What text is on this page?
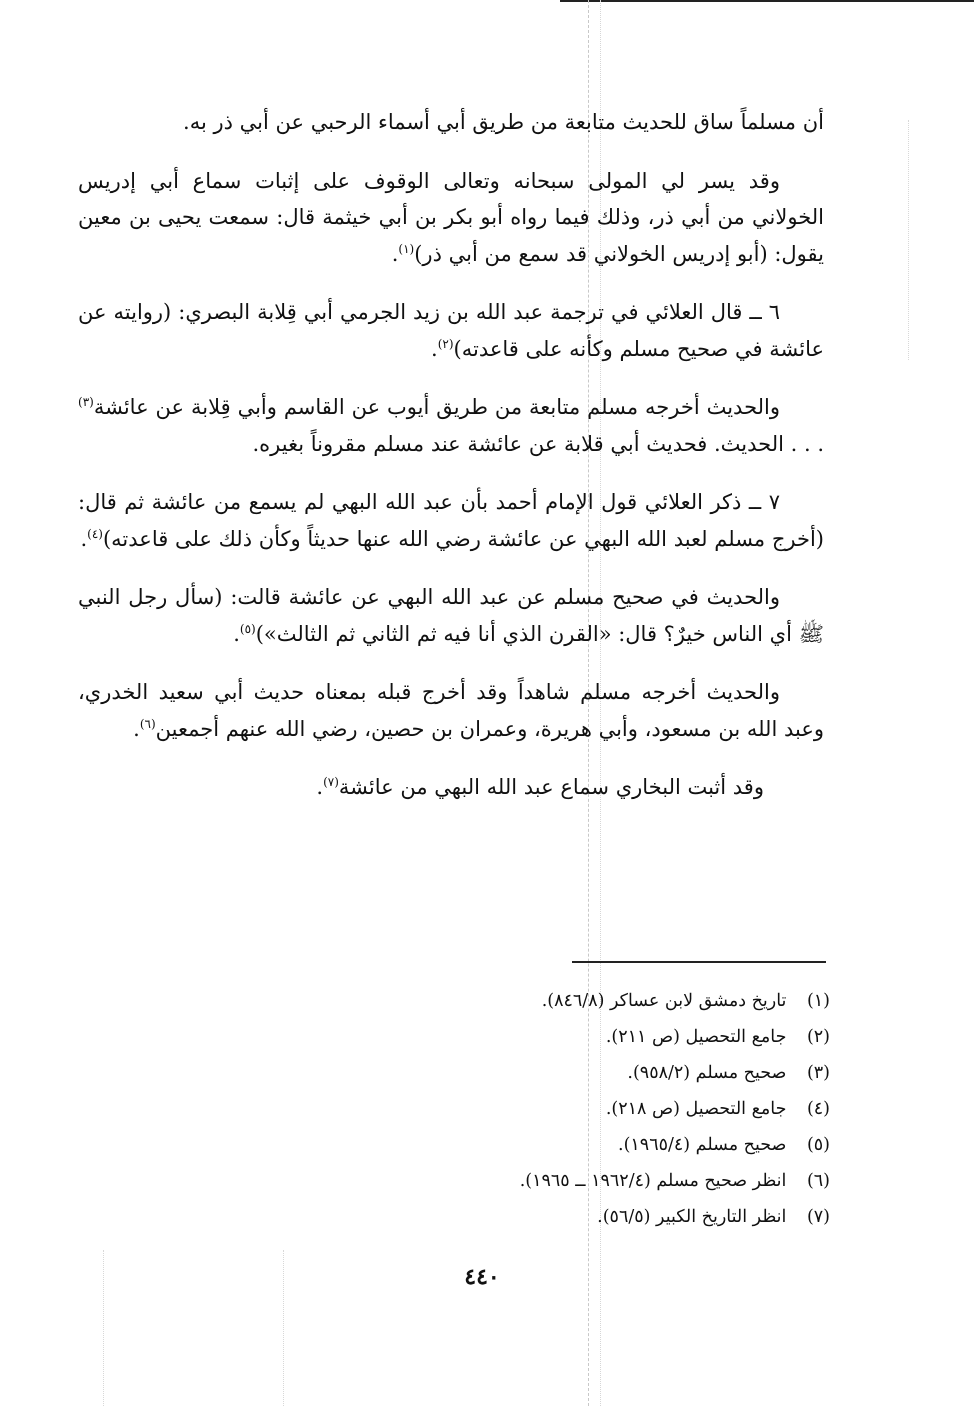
أن مسلماً ساق للحديث متابعة من طريق أبي أسماء الرحبي عن أبي ذر به.

وقد يسر لي المولى سبحانه وتعالى الوقوف على إثبات سماع أبي إدريس الخولاني من أبي ذر، وذلك فيما رواه أبو بكر بن أبي خيثمة قال: سمعت يحيى بن معين يقول: (أبو إدريس الخولاني قد سمع من أبي ذر)$^{(١)}$.

٦ ــ قال العلائي في ترجمة عبد الله بن زيد الجرمي أبي قِلابة البصري: (روايته عن عائشة في صحيح مسلم وكأنه على قاعدته)$^{(٢)}$.

والحديث أخرجه مسلم متابعة من طريق أيوب عن القاسم وأبي قِلابة عن عائشة$^{(٣)}$ . . . الحديث. فحديث أبي قلابة عن عائشة عند مسلم مقروناً بغيره.

٧ ــ ذكر العلائي قول الإمام أحمد بأن عبد الله البهي لم يسمع من عائشة ثم قال: (أخرج مسلم لعبد الله البهي عن عائشة رضي الله عنها حديثاً وكأن ذلك على قاعدته)$^{(٤)}$.

والحديث في صحيح مسلم عن عبد الله البهي عن عائشة قالت: (سأل رجل النبي ﷺ أي الناس خيرٌ؟ قال: «القرن الذي أنا فيه ثم الثاني ثم الثالث»)$^{(٥)}$.

والحديث أخرجه مسلم شاهداً وقد أخرج قبله بمعناه حديث أبي سعيد الخدري، وعبد الله بن مسعود، وأبي هريرة، وعمران بن حصين، رضي الله عنهم أجمعين$^{(٦)}$.

وقد أثبت البخاري سماع عبد الله البهي من عائشة$^{(٧)}$.

(١) تاريخ دمشق لابن عساكر (٨٤٦/٨).
(٢) جامع التحصيل (ص ٢١١).
(٣) صحيح مسلم (٩٥٨/٢).
(٤) جامع التحصيل (ص ٢١٨).
(٥) صحيح مسلم (١٩٦٥/٤).
(٦) انظر صحيح مسلم (١٩٦٢/٤ ــ ١٩٦٥).
(٧) انظر التاريخ الكبير (٥٦/٥).
٤٤٠
